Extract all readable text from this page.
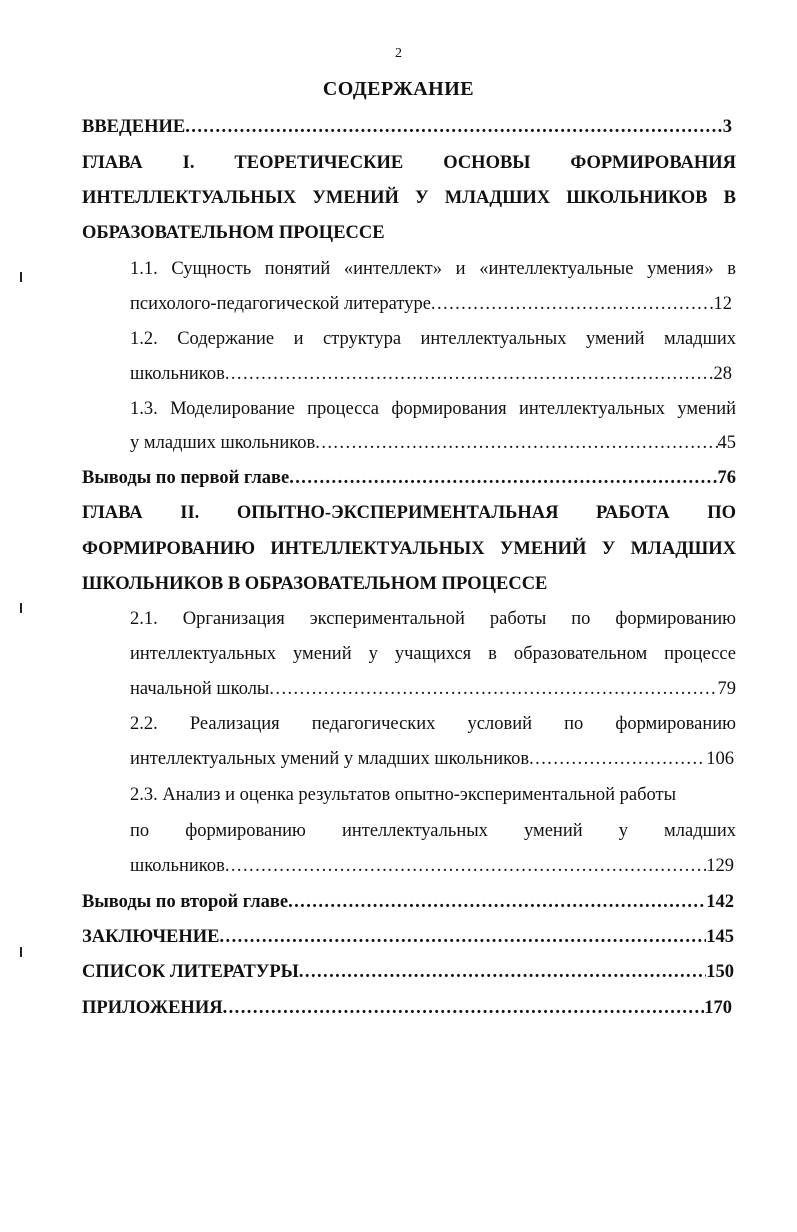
2
СОДЕРЖАНИЕ
ВВЕДЕНИЕ . . .	3
ГЛАВА I. ТЕОРЕТИЧЕСКИЕ ОСНОВЫ ФОРМИРОВАНИЯ
ИНТЕЛЛЕКТУАЛЬНЫХ УМЕНИЙ У МЛАДШИХ ШКОЛЬНИКОВ В
ОБРАЗОВАТЕЛЬНОМ ПРОЦЕССЕ
1.1. Сущность понятий «интеллект» и «интеллектуальные умения» в
психолого-педагогической литературе . . .	12
1.2. Содержание и структура интеллектуальных умений младших
школьников . . .	28
1.3. Моделирование процесса формирования интеллектуальных умений
у младших школьников . . .	45
Выводы по первой главе . . .	76
ГЛАВА II. ОПЫТНО-ЭКСПЕРИМЕНТАЛЬНАЯ РАБОТА ПО
ФОРМИРОВАНИЮ ИНТЕЛЛЕКТУАЛЬНЫХ УМЕНИЙ У МЛАДШИХ
ШКОЛЬНИКОВ В ОБРАЗОВАТЕЛЬНОМ ПРОЦЕССЕ
2.1. Организация экспериментальной работы по формированию
интеллектуальных умений у учащихся в образовательном процессе
начальной школы . . .	79
2.2. Реализация педагогических условий по формированию
интеллектуальных умений у младших школьников . . .	106
2.3. Анализ и оценка результатов опытно-экспериментальной работы
по формированию интеллектуальных умений у младших
школьников . . .	129
Выводы по второй главе . . .	142
ЗАКЛЮЧЕНИЕ . . .	145
СПИСОК ЛИТЕРАТУРЫ . . .	150
ПРИЛОЖЕНИЯ . . .	170
